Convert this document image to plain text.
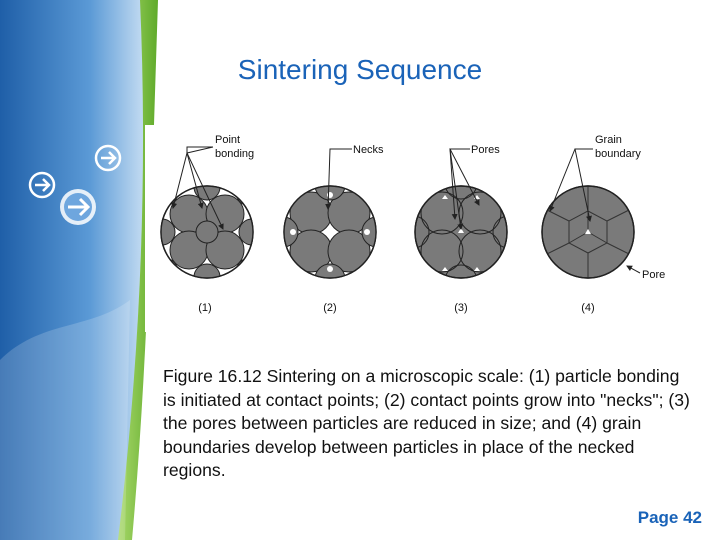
Sintering Sequence
Point
bonding	Necks	Pores
Grain
boundary
Pore
(1)	(2)	(3)	(4)
Figure 16.12 Sintering on a microscopic scale: (1) particle bonding is initiated at contact points; (2) contact points grow into "necks"; (3) the pores between particles are reduced in size; and (4) grain boundaries develop between particles in place of the necked regions.
Page 42
